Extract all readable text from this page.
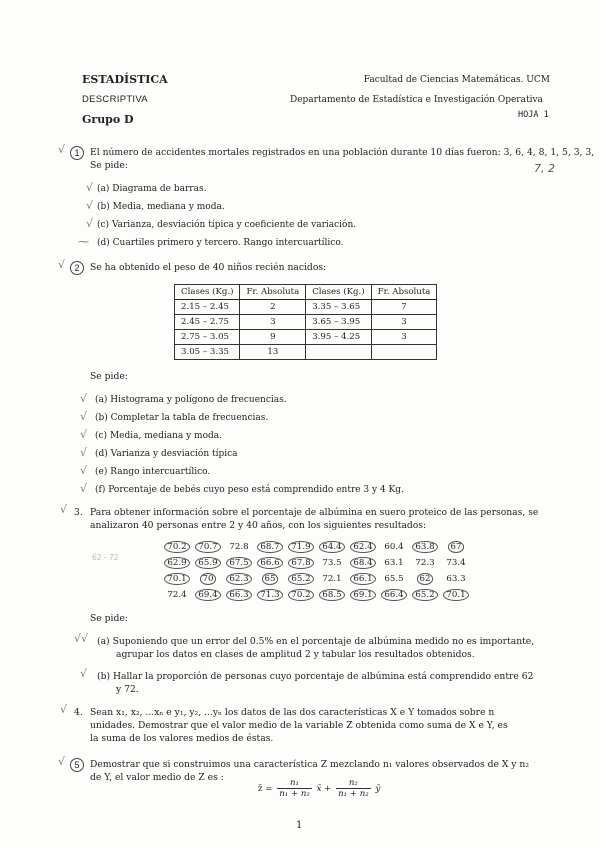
ESTADÍSTICA
DESCRIPTIVA
Grupo D
Facultad de Ciencias Matemáticas. UCM
Departamento de Estadística e Investigación Operativa
HOJA 1
√	1	El número de accidentes mortales registrados en una población durante 10 días fueron: 3, 6, 4, 8, 1, 5, 3, 3,
Se pide:	7, 2
√ (a) Diagrama de barras.
√ (b) Media, mediana y moda.
√ (c) Varianza, desviación típica y coeficiente de variación.
⁓ (d) Cuartiles primero y tercero. Rango intercuartílico.
√	2	Se ha obtenido el peso de 40 niños recién nacidos:
Clases (Kg.)	Fr. Absoluta	Clases (Kg.)	Fr. Absoluta
2.15 – 2.45	2	3.35 – 3.65	7
2.45 – 2.75	3	3.65 – 3.95	3
2.75 – 3.05	9	3.95 – 4.25	3
3.05 – 3.35	13		
Se pide:
√ (a) Histograma y polígono de frecuencias.
√ (b) Completar la tabla de frecuencias.
√ (c) Media, mediana y moda.
√ (d) Varianza y desviación típica
√ (e) Rango intercuartílico.
√ (f) Porcentaje de bebés cuyo peso está comprendido entre 3 y 4 Kg.
√ 3. Para obtener información sobre el porcentaje de albúmina en suero proteico de las personas, se
analizaron 40 personas entre 2 y 40 años, con los siguientes resultados:
62 - 72
70.2	70.7	72.8	68.7	71.9	64.4	62.4	60.4	63.8	67
62.9	65.9	67.5	66.6	67.8	73.5	68.4	63.1	72.3	73.4
70.1	70	62.3	65	65.2	72.1	66.1	65.5	62	63.3
72.4	69.4	66.3	71.3	70.2	68.5	69.1	66.4	65.2	70.1
Se pide:
√√ (a) Suponiendo que un error del 0.5% en el porcentaje de albúmina medido no es importante,
agrupar los datos en clases de amplitud 2 y tabular los resultados obtenidos.
√ (b) Hallar la proporción de personas cuyo porcentaje de albúmina está comprendido entre 62
y 72.
√ 4. Sean x₁, x₂, ...xₙ e y₁, y₂, ...yₙ los datos de las dos características X e Y tomados sobre n
unidades. Demostrar que el valor medio de la variable Z obtenida como suma de X e Y, es
la suma de los valores medios de éstas.
√	5	Demostrar que si construimos una característica Z mezclando n₁ valores observados de X y n₂
de Y, el valor medio de Z es :
z̄ = $\frac{\text{n₁}}{\text{n₁ + n₂}}$ x̄ + $\frac{\text{n₂}}{\text{n₁ + n₂}}$ ȳ
1
